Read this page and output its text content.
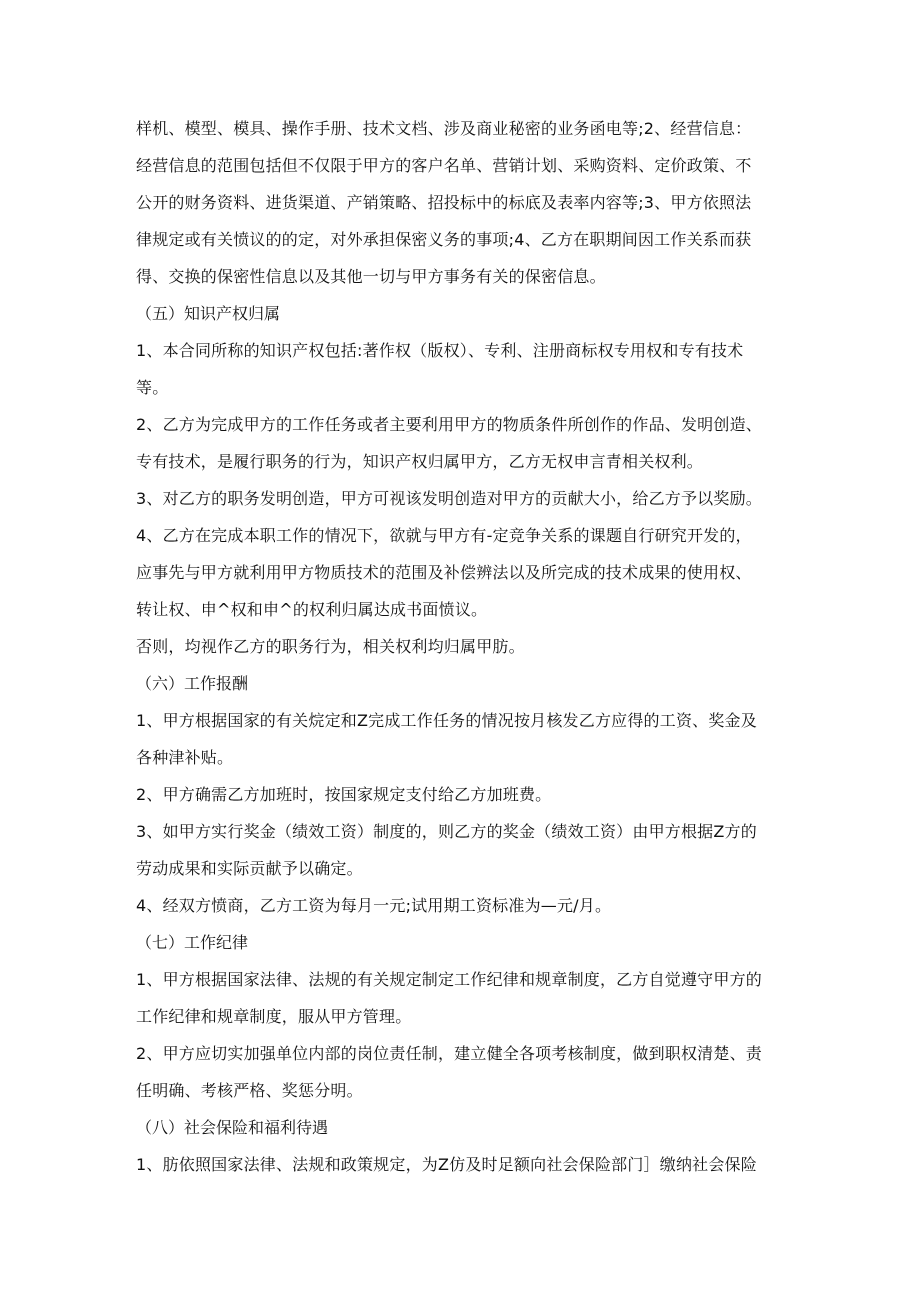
样机、模型、模具、操作手册、技术文档、涉及商业秘密的业务函电等;2、经营信息：
经营信息的范围包括但不仅限于甲方的客户名单、营销计划、采购资料、定价政策、不
公开的财务资料、进货渠道、产销策略、招投标中的标底及表率内容等;3、甲方依照法
律规定或有关愤议的的定，对外承担保密义务的事项;4、乙方在职期间因工作关系而获
得、交换的保密性信息以及其他一切与甲方事务有关的保密信息。
（五）知识产权归属
1、本合同所称的知识产权包括:著作权（版权）、专利、注册商标权专用权和专有技术
等。
2、乙方为完成甲方的工作任务或者主要利用甲方的物质条件所创作的作品、发明创造、
专有技术，是履行职务的行为，知识产权归属甲方，乙方无权申言青相关权利。
3、对乙方的职务发明创造，甲方可视该发明创造对甲方的贡献大小，给乙方予以奖励。
4、乙方在完成本职工作的情况下，欲就与甲方有-定竞争关系的课题自行研究开发的，
应事先与甲方就利用甲方物质技术的范围及补偿辨法以及所完成的技术成果的使用权、
转让权、申^权和申^的权利归属达成书面愤议。
否则，均视作乙方的职务行为，相关权利均归属甲肪。
（六）工作报酬
1、甲方根据国家的有关烷定和Z完成工作任务的情况按月核发乙方应得的工资、奖金及
各种津补贴。
2、甲方确需乙方加班时，按国家规定支付给乙方加班费。
3、如甲方实行奖金（绩效工资）制度的，则乙方的奖金（绩效工资）由甲方根据Z方的
劳动成果和实际贡献予以确定。
4、经双方愤商，乙方工资为每月一元;试用期工资标准为—元/月。
（七）工作纪律
1、甲方根据国家法律、法规的有关规定制定工作纪律和规章制度，乙方自觉遵守甲方的
工作纪律和规章制度，服从甲方管理。
2、甲方应切实加强单位内部的岗位责任制，建立健全各项考核制度，做到职权清楚、责
任明确、考核严格、奖惩分明。
（八）社会保险和福利待遇
1、肪依照国家法律、法规和政策规定，为Z仿及时足额向社会保险部门］缴纳社会保险
